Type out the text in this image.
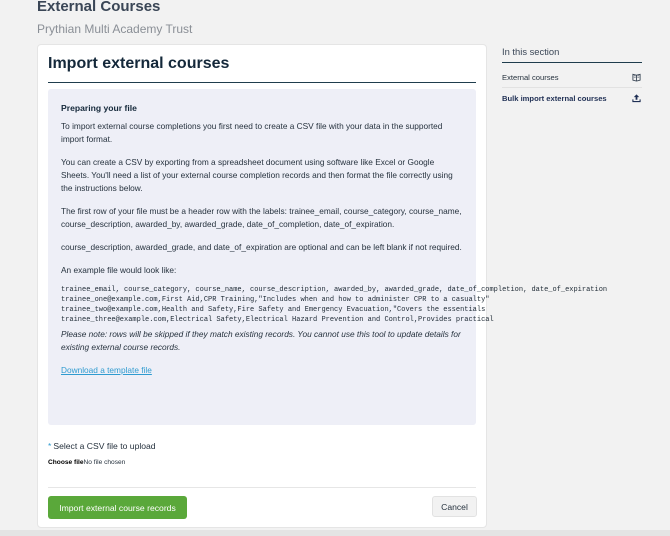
External Courses
Prythian Multi Academy Trust
Import external courses
Preparing your file

To import external course completions you first need to create a CSV file with your data in the supported import format.

You can create a CSV by exporting from a spreadsheet document using software like Excel or Google Sheets. You'll need a list of your external course completion records and then format the file correctly using the instructions below.

The first row of your file must be a header row with the labels: trainee_email, course_category, course_name, course_description, awarded_by, awarded_grade, date_of_completion, date_of_expiration.

course_description, awarded_grade, and date_of_expiration are optional and can be left blank if not required.

An example file would look like:

trainee_email, course_category, course_name, course_description, awarded_by, awarded_grade, date_of_completion, date_of_expiration
trainee_one@example.com,First Aid,CPR Training,"Includes when and how to administer CPR to a casualty"
trainee_two@example.com,Health and Safety,Fire Safety and Emergency Evacuation,"Covers the essentials
trainee_three@example.com,Electrical Safety,Electrical Hazard Prevention and Control,Provides practical

Please note: rows will be skipped if they match existing records. You cannot use this tool to update details for existing external course records.

Download a template file
* Select a CSV file to upload
Choose fileNo file chosen
Import external course records	Cancel
In this section
External courses
Bulk import external courses
